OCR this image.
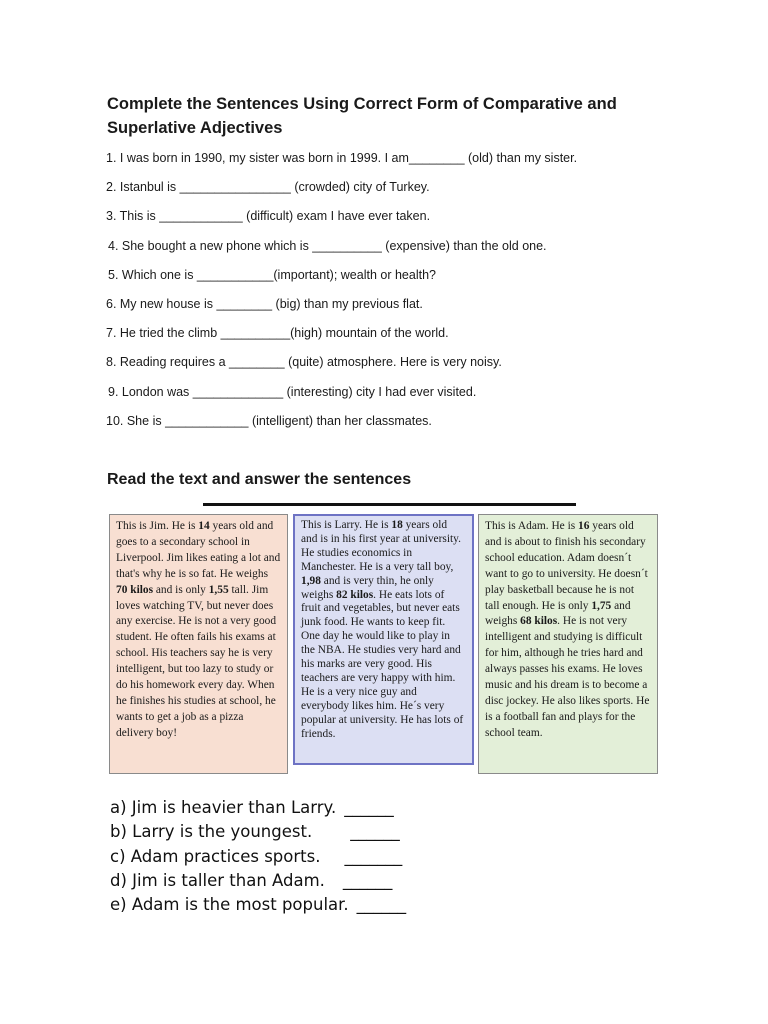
Complete the Sentences Using Correct Form of Comparative and Superlative Adjectives
1. I was born in 1990, my sister was born in 1999. I am________ (old) than my sister.
2. Istanbul is ________________ (crowded) city of Turkey.
3. This is ____________ (difficult) exam I have ever taken.
4. She bought a new phone which is __________ (expensive) than the old one.
5. Which one is ___________(important); wealth or health?
6. My new house is ________ (big) than my previous flat.
7. He tried the climb __________(high) mountain of the world.
8. Reading requires a ________ (quite) atmosphere. Here is very noisy.
9. London was _____________ (interesting) city I had ever visited.
10. She is ____________ (intelligent) than her classmates.
Read the text and answer the sentences
This is Jim. He is 14 years old and goes to a secondary school in Liverpool. Jim likes eating a lot and that's why he is so fat. He weighs 70 kilos and is only 1,55 tall. Jim loves watching TV, but never does any exercise. He is not a very good student. He often fails his exams at school. His teachers say he is very intelligent, but too lazy to study or do his homework every day. When he finishes his studies at school, he wants to get a job as a pizza delivery boy!
This is Larry. He is 18 years old and is in his first year at university. He studies economics in Manchester. He is a very tall boy, 1,98 and is very thin, he only weighs 82 kilos. He eats lots of fruit and vegetables, but never eats junk food. He wants to keep fit. One day he would like to play in the NBA. He studies very hard and his marks are very good. His teachers are very happy with him. He is a very nice guy and everybody likes him. He´s very popular at university. He has lots of friends.
This is Adam. He is 16 years old and is about to finish his secondary school education. Adam doesn´t want to go to university. He doesn´t play basketball because he is not tall enough. He is only 1,75 and weighs 68 kilos. He is not very intelligent and studying is difficult for him, although he tries hard and always passes his exams. He loves music and his dream is to become a disc jockey. He also likes sports. He is a football fan and plays for the school team.
a) Jim is heavier than Larry. ______
b) Larry is the youngest. ______
c) Adam practices sports. _______
d) Jim is taller than Adam. ______
e) Adam is the most popular. ______
